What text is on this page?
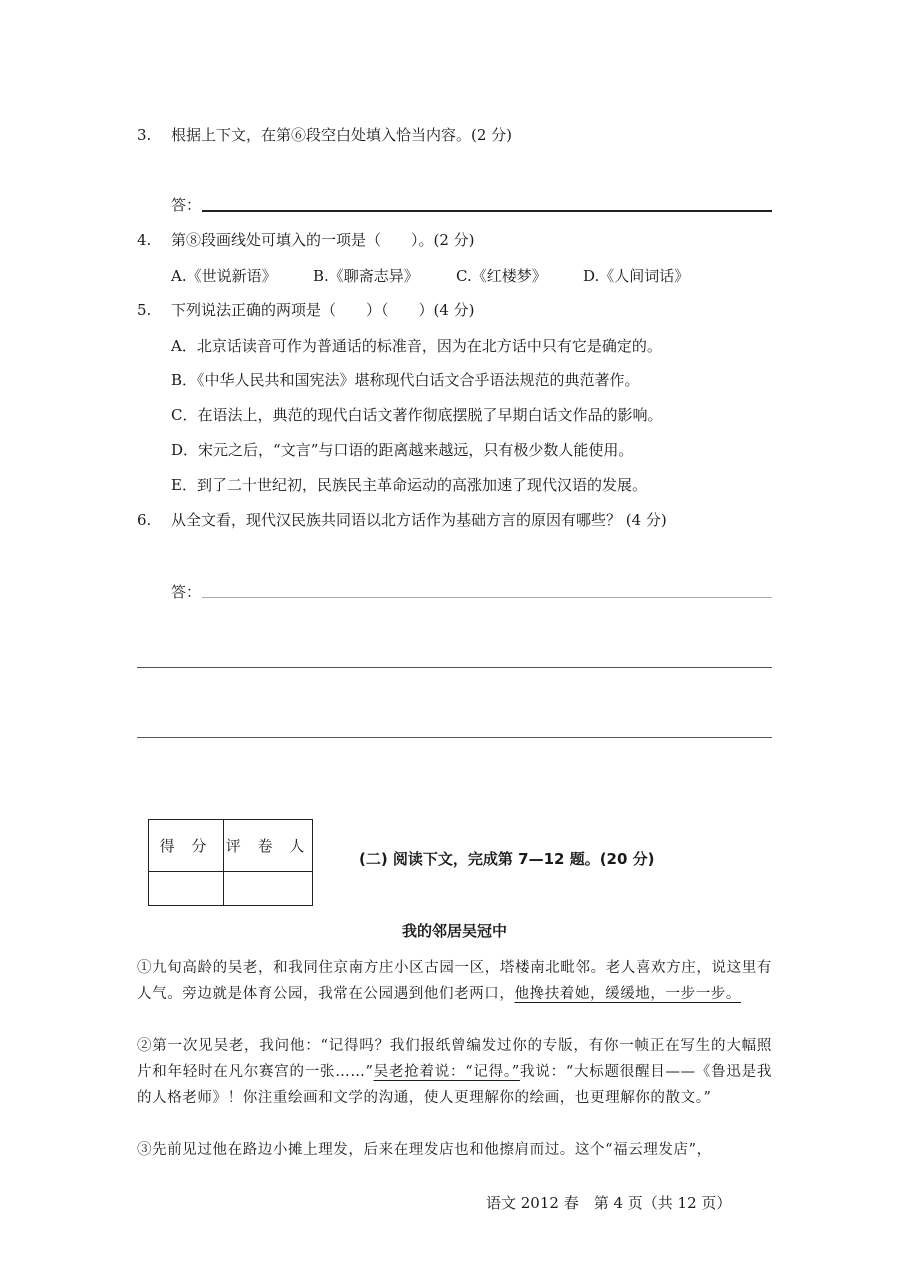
3. 根据上下文，在第⑥段空白处填入恰当内容。(2 分)
答：
4. 第⑧段画线处可填入的一项是（　　）。(2 分)
A.《世说新语》 B.《聊斋志异》 C.《红楼梦》 D.《人间词话》
5. 下列说法正确的两项是（　　）（　　）(4 分)
A．北京话读音可作为普通话的标准音，因为在北方话中只有它是确定的。
B．《中华人民共和国宪法》堪称现代白话文合乎语法规范的典范著作。
C．在语法上，典范的现代白话文著作彻底摆脱了早期白话文作品的影响。
D．宋元之后，“文言”与口语的距离越来越远，只有极少数人能使用。
E．到了二十世纪初，民族民主革命运动的高涨加速了现代汉语的发展。
6. 从全文看，现代汉民族共同语以北方话作为基础方言的原因有哪些？ (4 分)
答：
得 分	评 卷 人

(二) 阅读下文，完成第 7—12 题。(20 分)
我的邻居吴冠中
①九旬高龄的吴老，和我同住京南方庄小区古园一区，塔楼南北毗邻。老人喜欢方庄，说这里有人气。旁边就是体育公园，我常在公园遇到他们老两口，他搀扶着她，缓缓地，一步一步。
②第一次见吴老，我问他：“记得吗？我们报纸曾编发过你的专版，有你一帧正在写生的大幅照片和年轻时在凡尔赛宫的一张……”吴老抢着说：“记得。”我说：“大标题很醒目——《鲁迅是我的人格老师》！你注重绘画和文学的沟通，使人更理解你的绘画，也更理解你的散文。”
③先前见过他在路边小摊上理发，后来在理发店也和他擦肩而过。这个“福云理发店”，
语文 2012 春　第 4 页（共 12 页）
